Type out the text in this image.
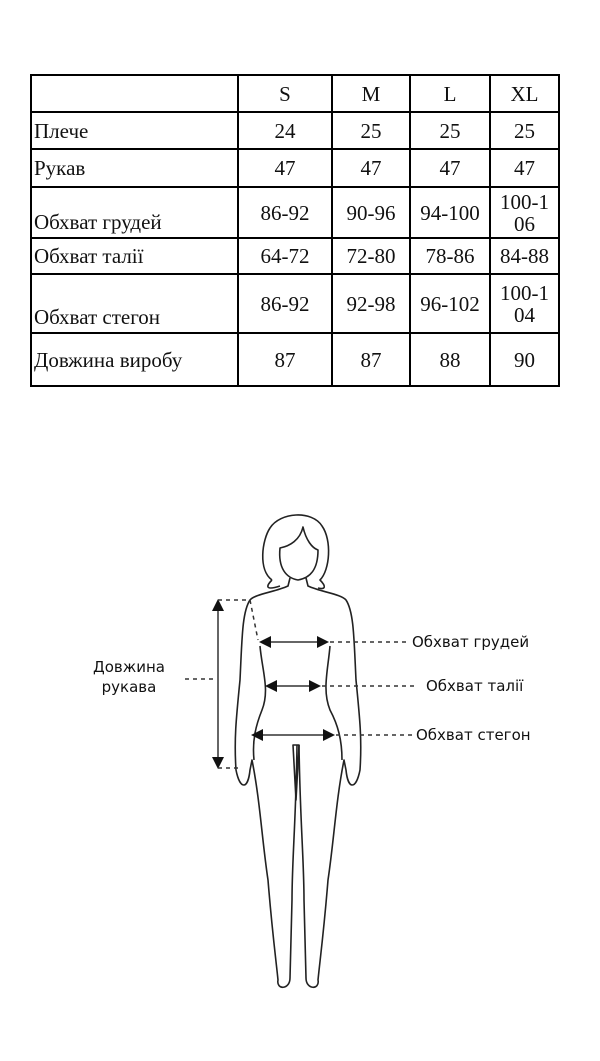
	S	M	L	XL
Плече	24	25	25	25
Рукав	47	47	47	47
Обхват грудей	86-92	90-96	94-100	100-106
Обхват талії	64-72	72-80	78-86	84-88
Обхват стегон	86-92	92-98	96-102	100-104
Довжина виробу	87	87	88	90
Довжина
рукава
Обхват грудей
Обхват талії
Обхват стегон
